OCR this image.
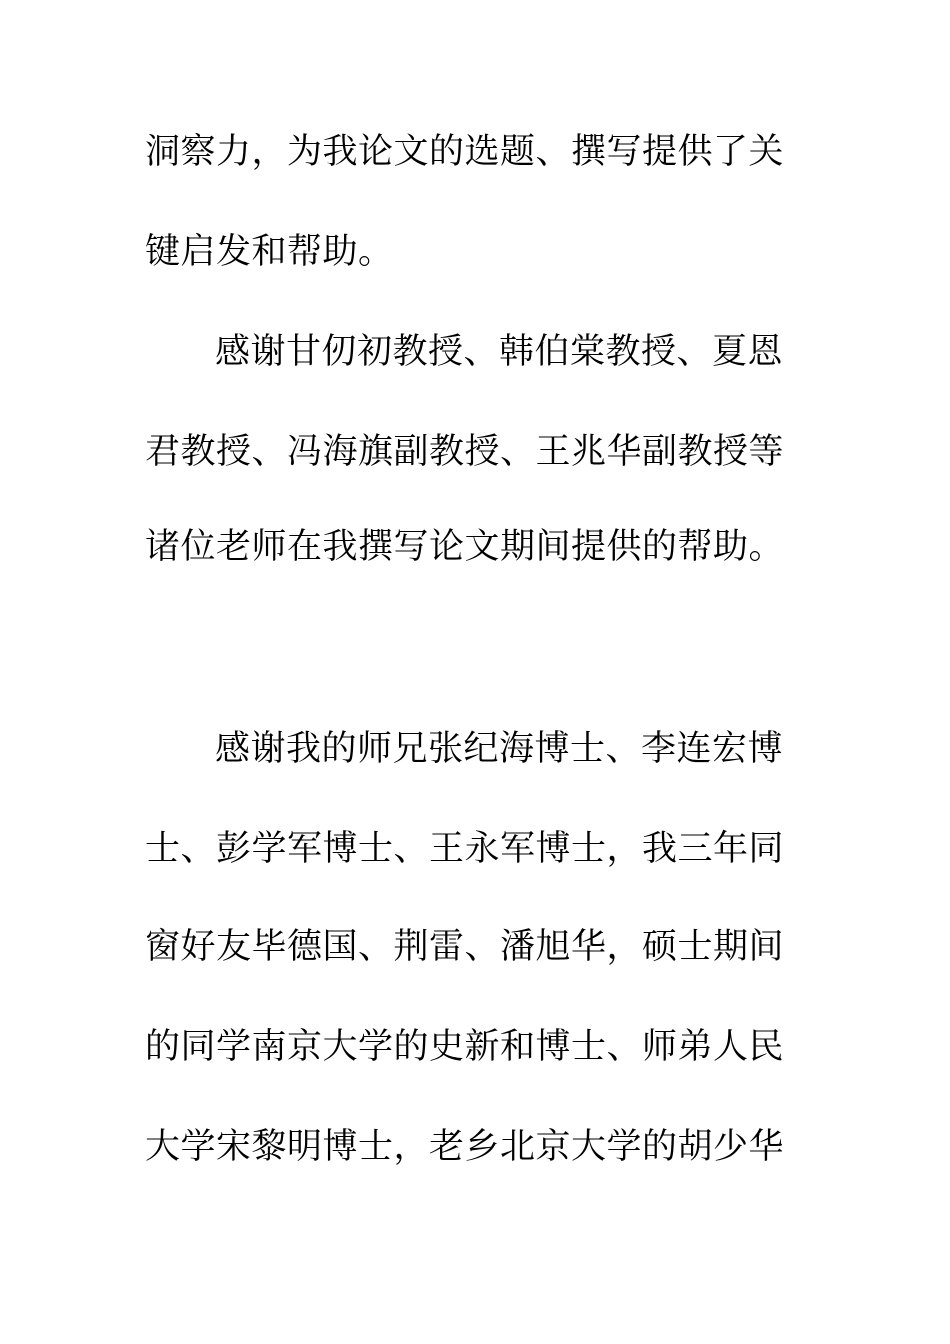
洞察力，为我论文的选题、撰写提供了关
键启发和帮助。
感谢甘仞初教授、韩伯棠教授、夏恩
君教授、冯海旗副教授、王兆华副教授等
诸位老师在我撰写论文期间提供的帮助。
感谢我的师兄张纪海博士、李连宏博
士、彭学军博士、王永军博士，我三年同
窗好友毕德国、荆雷、潘旭华，硕士期间
的同学南京大学的史新和博士、师弟人民
大学宋黎明博士，老乡北京大学的胡少华
